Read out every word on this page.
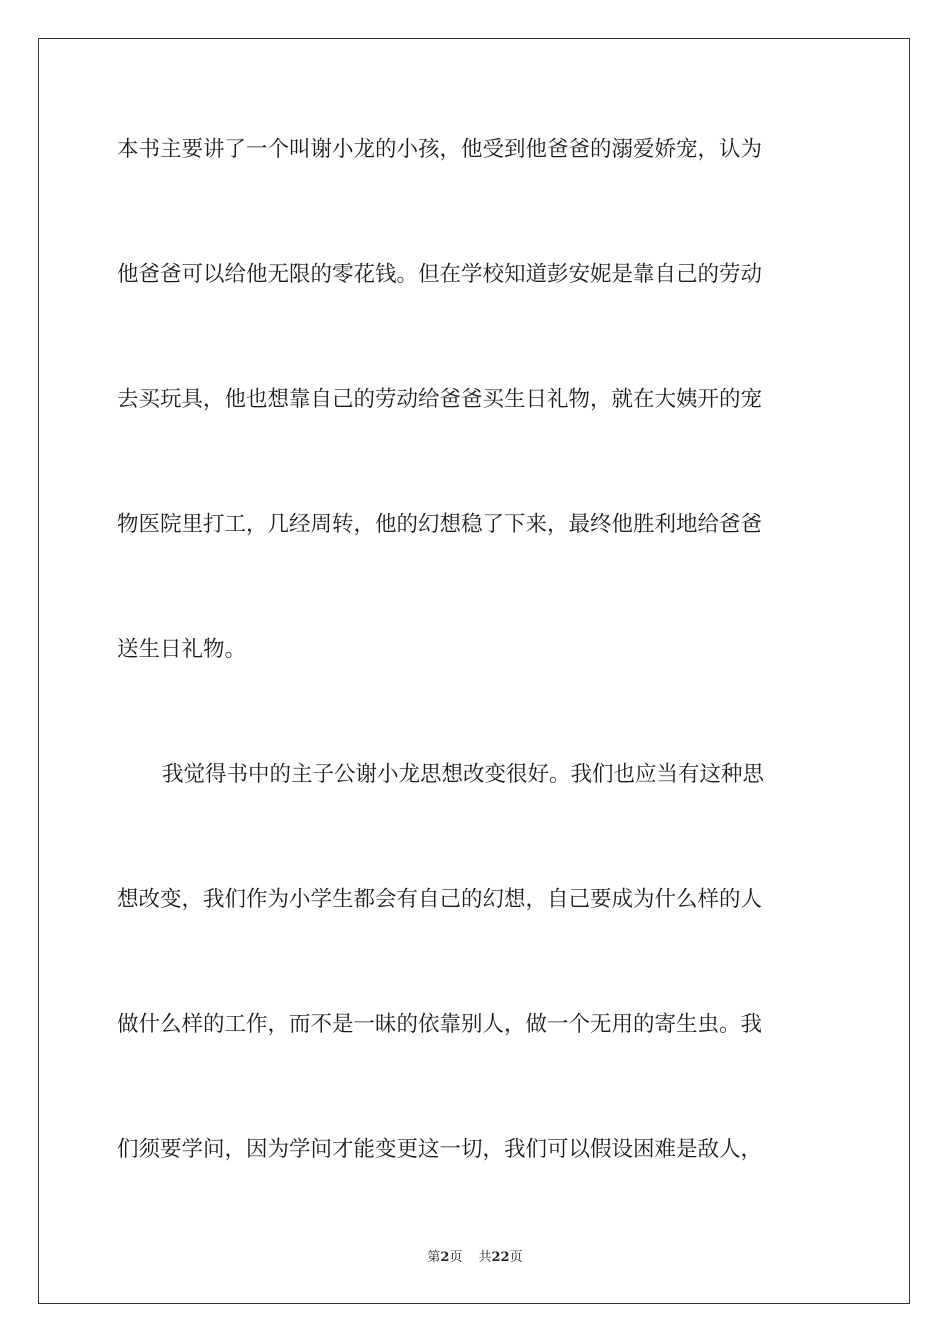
本书主要讲了一个叫谢小龙的小孩，他受到他爸爸的溺爱娇宠，认为
他爸爸可以给他无限的零花钱。但在学校知道彭安妮是靠自己的劳动
去买玩具，他也想靠自己的劳动给爸爸买生日礼物，就在大姨开的宠
物医院里打工，几经周转，他的幻想稳了下来，最终他胜利地给爸爸
送生日礼物。
我觉得书中的主子公谢小龙思想改变很好。我们也应当有这种思
想改变，我们作为小学生都会有自己的幻想，自己要成为什么样的人
做什么样的工作，而不是一昧的依靠别人，做一个无用的寄生虫。我
们须要学问，因为学问才能变更这一切，我们可以假设困难是敌人，
第2页 共22页
